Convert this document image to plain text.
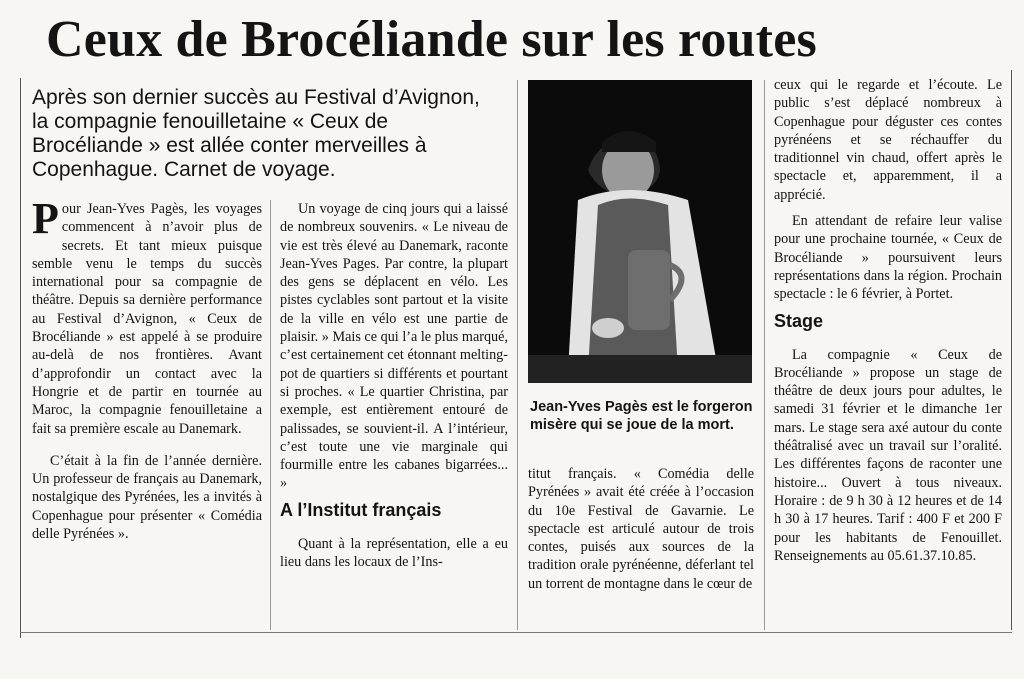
Ceux de Brocéliande sur les routes

Après son dernier succès au Festival d’Avignon, la compagnie fenouilletaine « Ceux de Brocéliande » est allée conter merveilles à Copenhague. Carnet de voyage.

Pour Jean-Yves Pagès, les voyages commencent à n’avoir plus de secrets. Et tant mieux puisque semble venu le temps du succès international pour sa compagnie de théâtre. Depuis sa dernière performance au Festival d’Avignon, « Ceux de Brocéliande » est appelé à se produire au-delà de nos frontières. Avant d’approfondir un contact avec la Hongrie et de partir en tournée au Maroc, la compagnie fenouilletaine a fait sa première escale au Danemark.

C’était à la fin de l’année dernière. Un professeur de français au Danemark, nostalgique des Pyrénées, les a invités à Copenhague pour présenter « Comédia delle Pyrénées ».

Un voyage de cinq jours qui a laissé de nombreux souvenirs. « Le niveau de vie est très élevé au Danemark, raconte Jean-Yves Pages. Par contre, la plupart des gens se déplacent en vélo. Les pistes cyclables sont partout et la visite de la ville en vélo est une partie de plaisir. » Mais ce qui l’a le plus marqué, c’est certainement cet étonnant melting-pot de quartiers si différents et pourtant si proches. « Le quartier Christina, par exemple, est entièrement entouré de palissades, se souvient-il. A l’intérieur, c’est toute une vie marginale qui fourmille entre les cabanes bigarrées... »

A l’Institut français

Quant à la représentation, elle a eu lieu dans les locaux de l’Ins-

Jean-Yves Pagès est le forgeron misère qui se joue de la mort.

titut français. « Comédia delle Pyrénées » avait été créée à l’occasion du 10e Festival de Gavarnie. Le spectacle est articulé autour de trois contes, puisés aux sources de la tradition orale pyrénéenne, déferlant tel un torrent de montagne dans le cœur de

ceux qui le regarde et l’écoute. Le public s’est déplacé nombreux à Copenhague pour déguster ces contes pyrénéens et se réchauffer du traditionnel vin chaud, offert après le spectacle et, apparemment, il a apprécié.

En attendant de refaire leur valise pour une prochaine tournée, « Ceux de Brocéliande » poursuivent leurs représentations dans la région. Prochain spectacle : le 6 février, à Portet.

Stage

La compagnie « Ceux de Brocéliande » propose un stage de théâtre de deux jours pour adultes, le samedi 31 février et le dimanche 1er mars. Le stage sera axé autour du conte théâtralisé avec un travail sur l’oralité. Les différentes façons de raconter une histoire... Ouvert à tous niveaux. Horaire : de 9 h 30 à 12 heures et de 14 h 30 à 17 heures. Tarif : 400 F et 200 F pour les habitants de Fenouillet. Renseignements au 05.61.37.10.85.
